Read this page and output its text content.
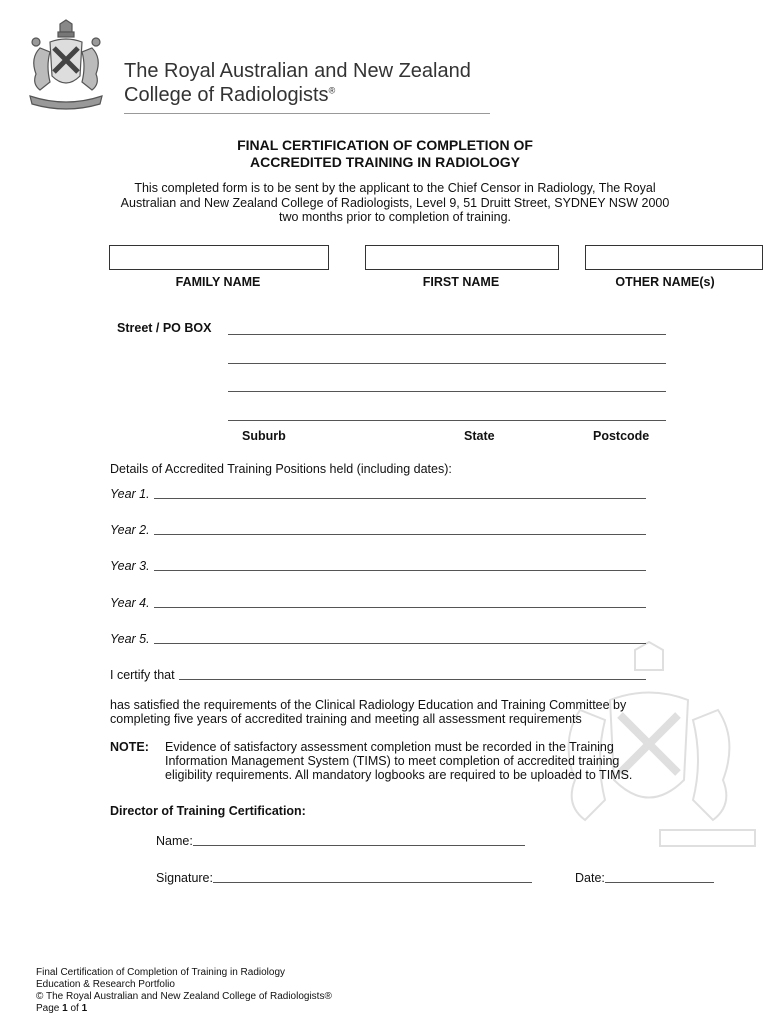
The Royal Australian and New Zealand
College of Radiologists®
FINAL CERTIFICATION OF COMPLETION OF
ACCREDITED TRAINING IN RADIOLOGY
This completed form is to be sent by the applicant to the Chief Censor in Radiology, The Royal
Australian and New Zealand College of Radiologists, Level 9, 51 Druitt Street, SYDNEY NSW 2000
two months prior to completion of training.
FAMILY NAME	FIRST NAME	OTHER NAME(s)
Street / PO BOX
Suburb	State	Postcode
Details of Accredited Training Positions held (including dates):
Year 1.
Year 2.
Year 3.
Year 4.
Year 5.
I certify that
has satisfied the requirements of the Clinical Radiology Education and Training Committee by
completing five years of accredited training and meeting all assessment requirements
NOTE: Evidence of satisfactory assessment completion must be recorded in the Training
Information Management System (TIMS) to meet completion of accredited training
eligibility requirements. All mandatory logbooks are required to be uploaded to TIMS.
Director of Training Certification:
Name:
Signature:	Date:
Final Certification of Completion of Training in Radiology
Education & Research Portfolio
© The Royal Australian and New Zealand College of Radiologists®
Page 1 of 1
